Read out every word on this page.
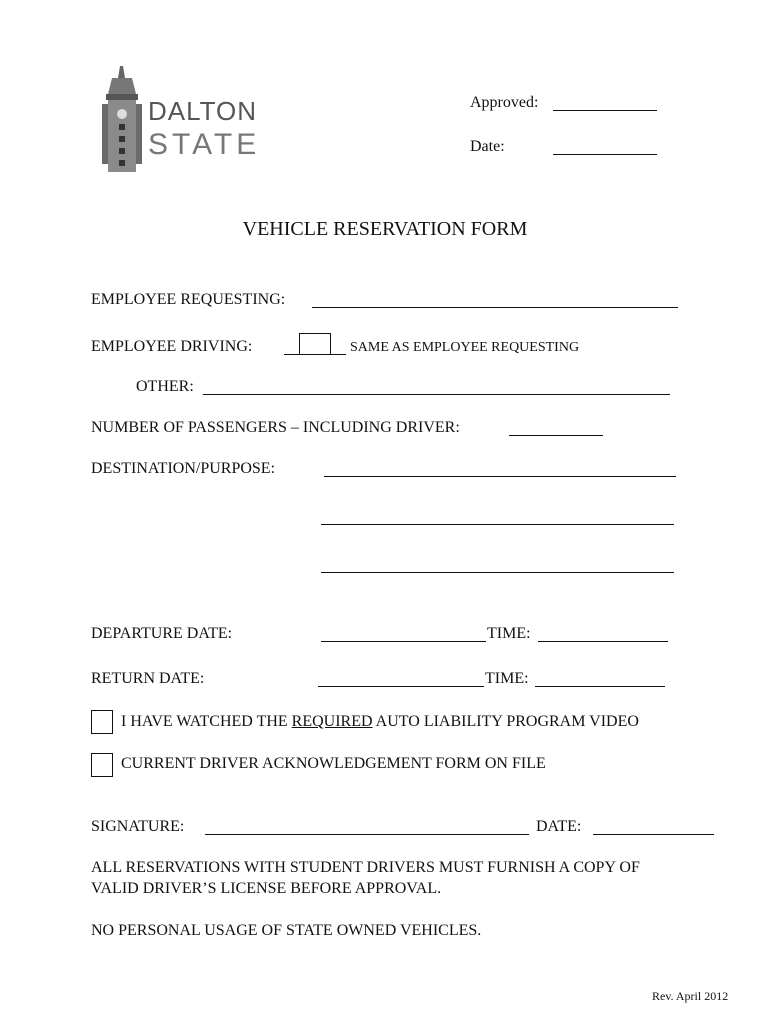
DALTON
STATE
Approved:
Date:
VEHICLE RESERVATION FORM
EMPLOYEE REQUESTING:
EMPLOYEE DRIVING:	SAME AS EMPLOYEE REQUESTING
OTHER:
NUMBER OF PASSENGERS – INCLUDING DRIVER:
DESTINATION/PURPOSE:
DEPARTURE DATE:	TIME:
RETURN DATE:	TIME:
I HAVE WATCHED THE REQUIRED AUTO LIABILITY PROGRAM VIDEO
CURRENT DRIVER ACKNOWLEDGEMENT FORM ON FILE
SIGNATURE:	DATE:
ALL RESERVATIONS WITH STUDENT DRIVERS MUST FURNISH A COPY OF
VALID DRIVER’S LICENSE BEFORE APPROVAL.
NO PERSONAL USAGE OF STATE OWNED VEHICLES.
Rev. April 2012
